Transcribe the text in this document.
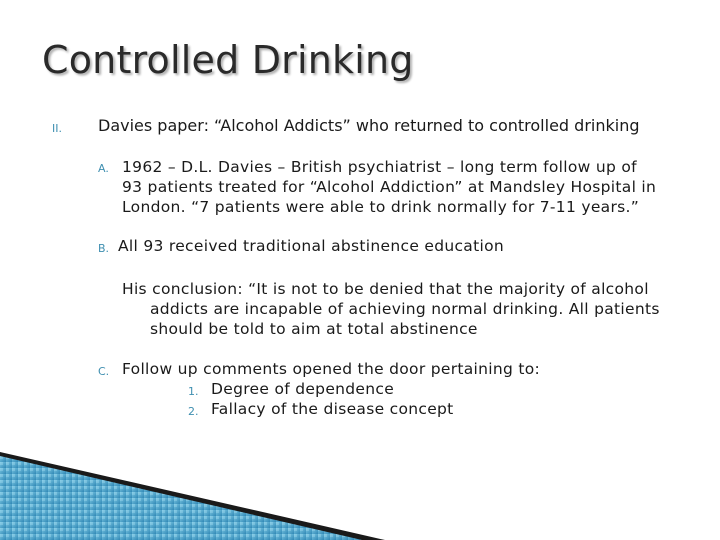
Controlled Drinking
II. Davies paper: “Alcohol Addicts” who returned to controlled drinking
A. 1962 – D.L. Davies – British psychiatrist – long term follow up of
93 patients treated for “Alcohol Addiction” at Mandsley Hospital in
London. “7 patients were able to drink normally for 7-11 years.”
B. All 93 received traditional abstinence education
His conclusion: “It is not to be denied that the majority of alcohol
addicts are incapable of achieving normal drinking. All patients
should be told to aim at total abstinence
C. Follow up comments opened the door pertaining to:
1. Degree of dependence
2. Fallacy of the disease concept
